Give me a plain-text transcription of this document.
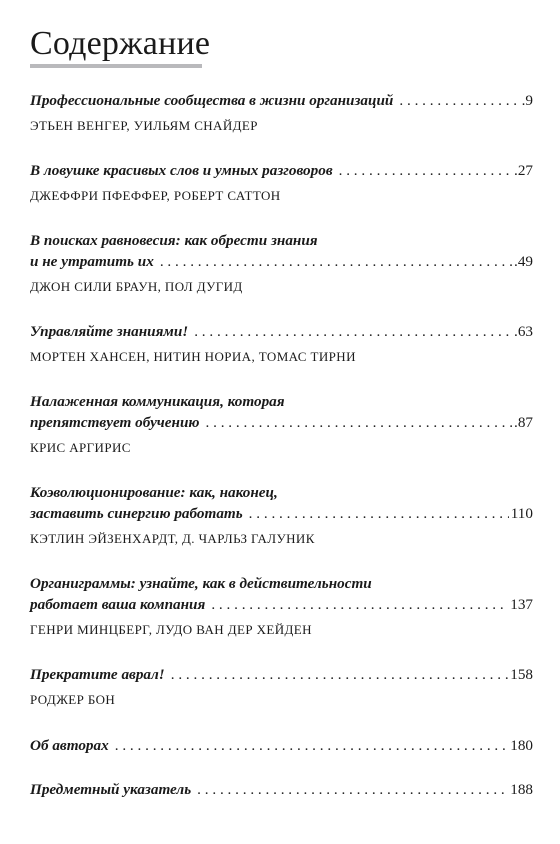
Содержание
Профессиональные сообщества в жизни организаций . . .	.9
ЭТЬЕН ВЕНГЕР, УИЛЬЯМ СНАЙДЕР
В ловушке красивых слов и умных разговоров . . .	.27
ДЖЕФФРИ ПФЕФФЕР, РОБЕРТ САТТОН
В поисках равновесия: как обрести знания
и не утратить их . . .	.49
ДЖОН СИЛИ БРАУН, ПОЛ ДУГИД
Управляйте знаниями! . . .	.63
МОРТЕН ХАНСЕН, НИТИН НОРИА, ТОМАС ТИРНИ
Налаженная коммуникация, которая
препятствует обучению . . .	.87
КРИС АРГИРИС
Коэволюционирование: как, наконец,
заставить синергию работать . . .	110
КЭТЛИН ЭЙЗЕНХАРДТ, Д. ЧАРЛЬЗ ГАЛУНИК
Органиграммы: узнайте, как в действительности
работает ваша компания . . .	137
ГЕНРИ МИНЦБЕРГ, ЛУДО ВАН ДЕР ХЕЙДЕН
Прекратите аврал! . . .	158
РОДЖЕР БОН
Об авторах . . .	180
Предметный указатель . . .	188
